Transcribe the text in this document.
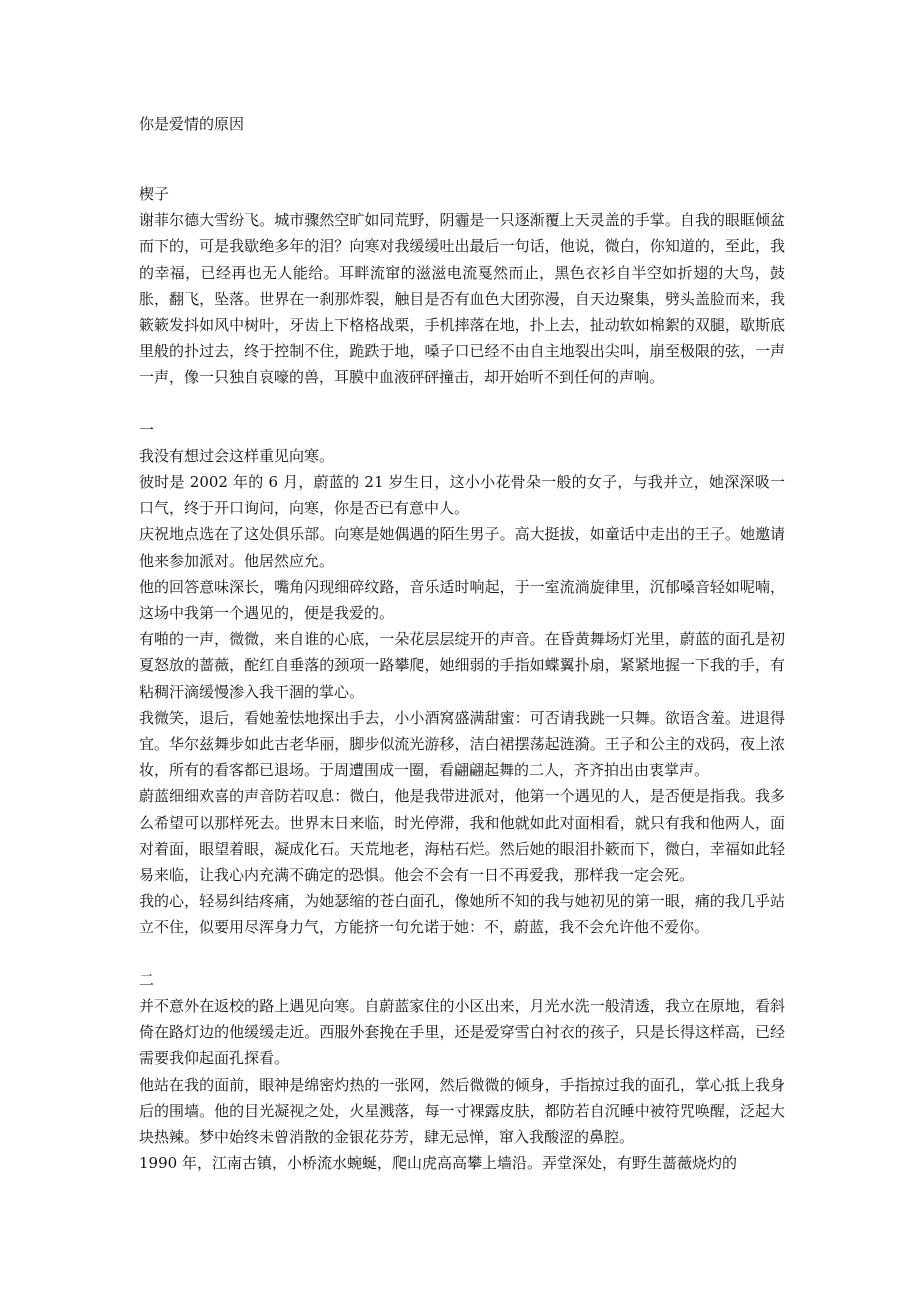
你是爱情的原因

楔子

谢菲尔德大雪纷飞。城市骤然空旷如同荒野，阴霾是一只逐渐覆上天灵盖的手掌。自我的眼眶倾盆而下的，可是我歇绝多年的泪？向寒对我缓缓吐出最后一句话，他说，微白，你知道的，至此，我的幸福，已经再也无人能给。耳畔流窜的滋滋电流戛然而止，黑色衣衫自半空如折翅的大鸟，鼓胀，翻飞，坠落。世界在一刹那炸裂，触目是否有血色大团弥漫，自天边聚集，劈头盖脸而来，我簌簌发抖如风中树叶，牙齿上下格格战栗，手机摔落在地，扑上去，扯动软如棉絮的双腿，歇斯底里般的扑过去，终于控制不住，跪跌于地，嗓子口已经不由自主地裂出尖叫，崩至极限的弦，一声一声，像一只独自哀嚎的兽，耳膜中血液砰砰撞击，却开始听不到任何的声响。

一

我没有想过会这样重见向寒。

彼时是 2002 年的 6 月，蔚蓝的 21 岁生日，这小小花骨朵一般的女子，与我并立，她深深吸一口气，终于开口询问，向寒，你是否已有意中人。

庆祝地点选在了这处俱乐部。向寒是她偶遇的陌生男子。高大挺拔，如童话中走出的王子。她邀请他来参加派对。他居然应允。

他的回答意味深长，嘴角闪现细碎纹路，音乐适时响起，于一室流淌旋律里，沉郁嗓音轻如呢喃，这场中我第一个遇见的，便是我爱的。

有啪的一声，微微，来自谁的心底，一朵花层层绽开的声音。在昏黄舞场灯光里，蔚蓝的面孔是初夏怒放的蔷薇，酡红自垂落的颈项一路攀爬，她细弱的手指如蝶翼扑扇，紧紧地握一下我的手，有粘稠汗滴缓慢渗入我干涸的掌心。

我微笑，退后，看她羞怯地探出手去，小小酒窝盛满甜蜜：可否请我跳一只舞。欲语含羞。进退得宜。华尔兹舞步如此古老华丽，脚步似流光游移，洁白裙摆荡起涟漪。王子和公主的戏码，夜上浓妆，所有的看客都已退场。于周遭围成一圈，看翩翩起舞的二人，齐齐拍出由衷掌声。

蔚蓝细细欢喜的声音防若叹息：微白，他是我带进派对，他第一个遇见的人，是否便是指我。我多么希望可以那样死去。世界末日来临，时光停滞，我和他就如此对面相看，就只有我和他两人，面对着面，眼望着眼，凝成化石。天荒地老，海枯石烂。然后她的眼泪扑簌而下，微白，幸福如此轻易来临，让我心内充满不确定的恐惧。他会不会有一日不再爱我，那样我一定会死。

我的心，轻易纠结疼痛，为她瑟缩的苍白面孔，像她所不知的我与她初见的第一眼，痛的我几乎站立不住，似要用尽浑身力气，方能挤一句允诺于她：不，蔚蓝，我不会允许他不爱你。

二

并不意外在返校的路上遇见向寒。自蔚蓝家住的小区出来，月光水洗一般清透，我立在原地，看斜倚在路灯边的他缓缓走近。西服外套挽在手里，还是爱穿雪白衬衣的孩子，只是长得这样高，已经需要我仰起面孔探看。

他站在我的面前，眼神是绵密灼热的一张网，然后微微的倾身，手指掠过我的面孔，掌心抵上我身后的围墙。他的目光凝视之处，火星溅落，每一寸裸露皮肤，都防若自沉睡中被符咒唤醒，泛起大块热辣。梦中始终未曾消散的金银花芬芳，肆无忌惮，窜入我酸涩的鼻腔。

1990 年，江南古镇，小桥流水蜿蜒，爬山虎高高攀上墙沿。弄堂深处，有野生蔷薇烧灼的
